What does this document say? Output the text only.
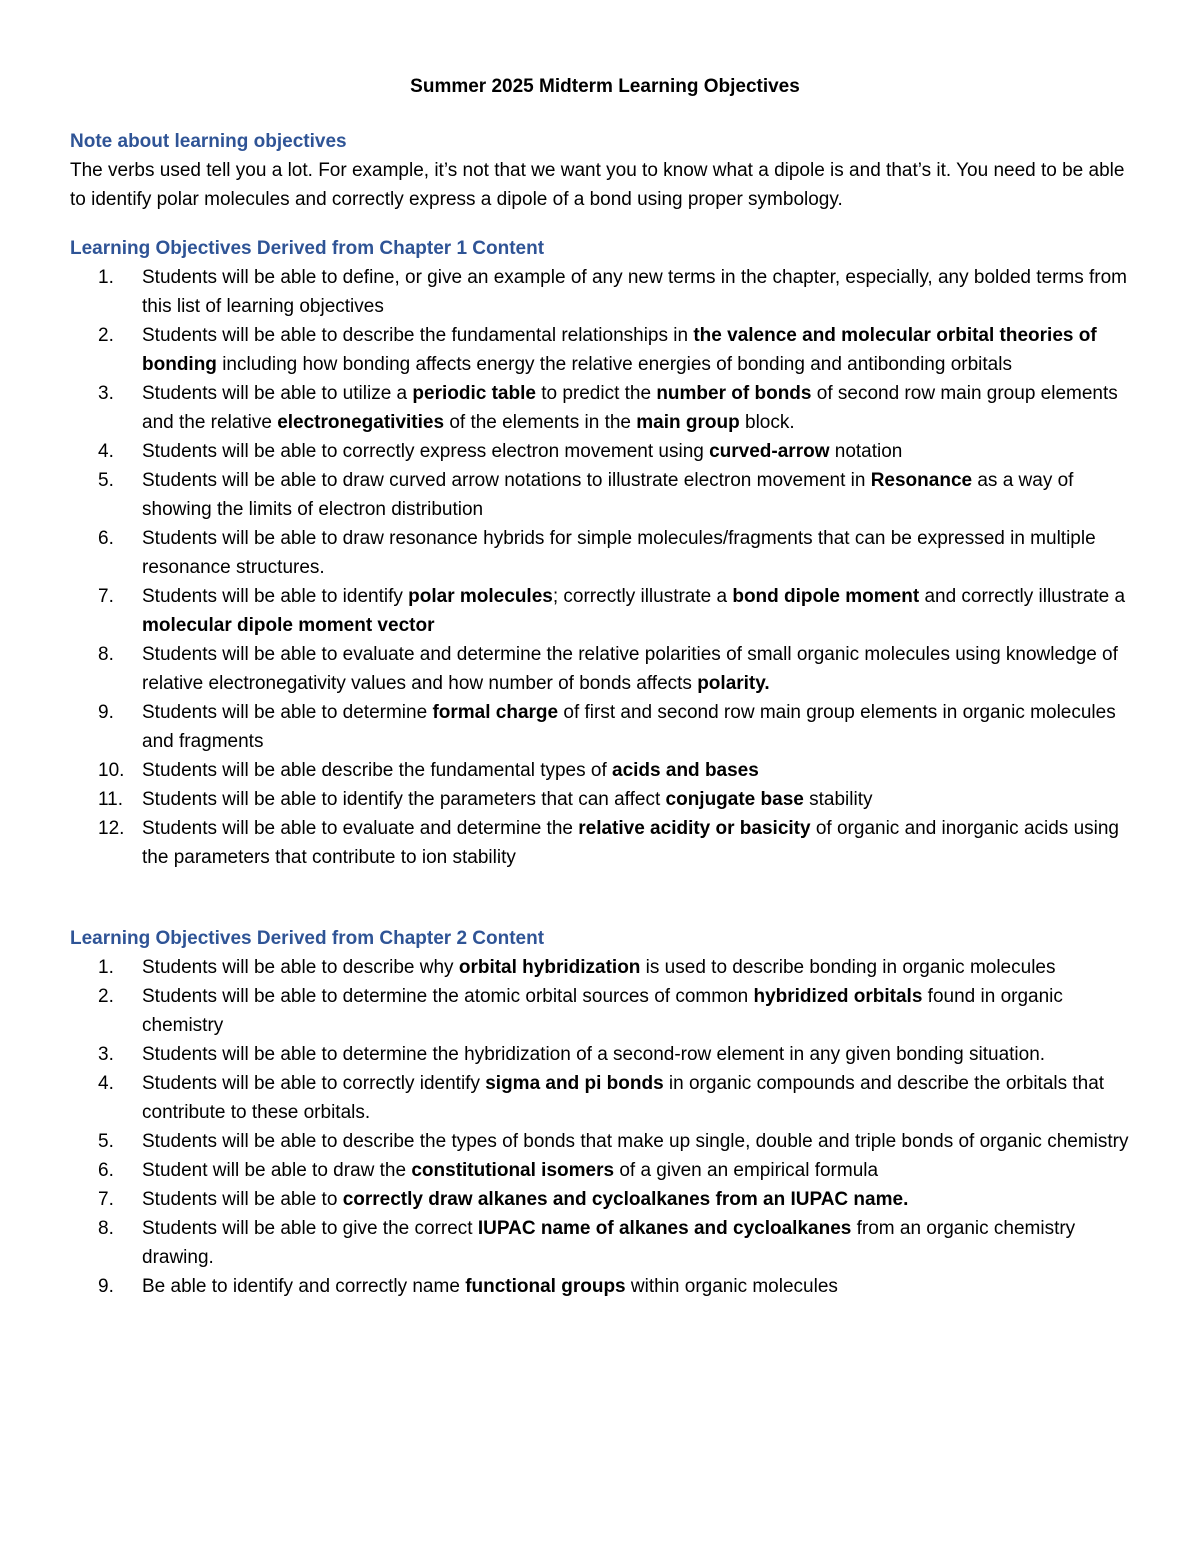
Summer 2025 Midterm Learning Objectives
Note about learning objectives
The verbs used tell you a lot. For example, it’s not that we want you to know what a dipole is and that’s it. You need to be able to identify polar molecules and correctly express a dipole of a bond using proper symbology.
Learning Objectives Derived from Chapter 1 Content
1.	Students will be able to define, or give an example of any new terms in the chapter, especially, any bolded terms from this list of learning objectives
2.	Students will be able to describe the fundamental relationships in the valence and molecular orbital theories of bonding including how bonding affects energy the relative energies of bonding and antibonding orbitals
3.	Students will be able to utilize a periodic table to predict the number of bonds of second row main group elements and the relative electronegativities of the elements in the main group block.
4.	Students will be able to correctly express electron movement using curved-arrow notation
5.	Students will be able to draw curved arrow notations to illustrate electron movement in Resonance as a way of showing the limits of electron distribution
6.	Students will be able to draw resonance hybrids for simple molecules/fragments that can be expressed in multiple resonance structures.
7.	Students will be able to identify polar molecules; correctly illustrate a bond dipole moment and correctly illustrate a molecular dipole moment vector
8.	Students will be able to evaluate and determine the relative polarities of small organic molecules using knowledge of relative electronegativity values and how number of bonds affects polarity.
9.	Students will be able to determine formal charge of first and second row main group elements in organic molecules and fragments
10. Students will be able describe the fundamental types of acids and bases
11. Students will be able to identify the parameters that can affect conjugate base stability
12. Students will be able to evaluate and determine the relative acidity or basicity of organic and inorganic acids using the parameters that contribute to ion stability
Learning Objectives Derived from Chapter 2 Content
1.	Students will be able to describe why orbital hybridization is used to describe bonding in organic molecules
2.	Students will be able to determine the atomic orbital sources of common hybridized orbitals found in organic chemistry
3.	Students will be able to determine the hybridization of a second-row element in any given bonding situation.
4.	Students will be able to correctly identify sigma and pi bonds in organic compounds and describe the orbitals that contribute to these orbitals.
5.	Students will be able to describe the types of bonds that make up single, double and triple bonds of organic chemistry
6.	Student will be able to draw the constitutional isomers of a given an empirical formula
7.	Students will be able to correctly draw alkanes and cycloalkanes from an IUPAC name.
8.	Students will be able to give the correct IUPAC name of alkanes and cycloalkanes from an organic chemistry drawing.
9.	Be able to identify and correctly name functional groups within organic molecules
